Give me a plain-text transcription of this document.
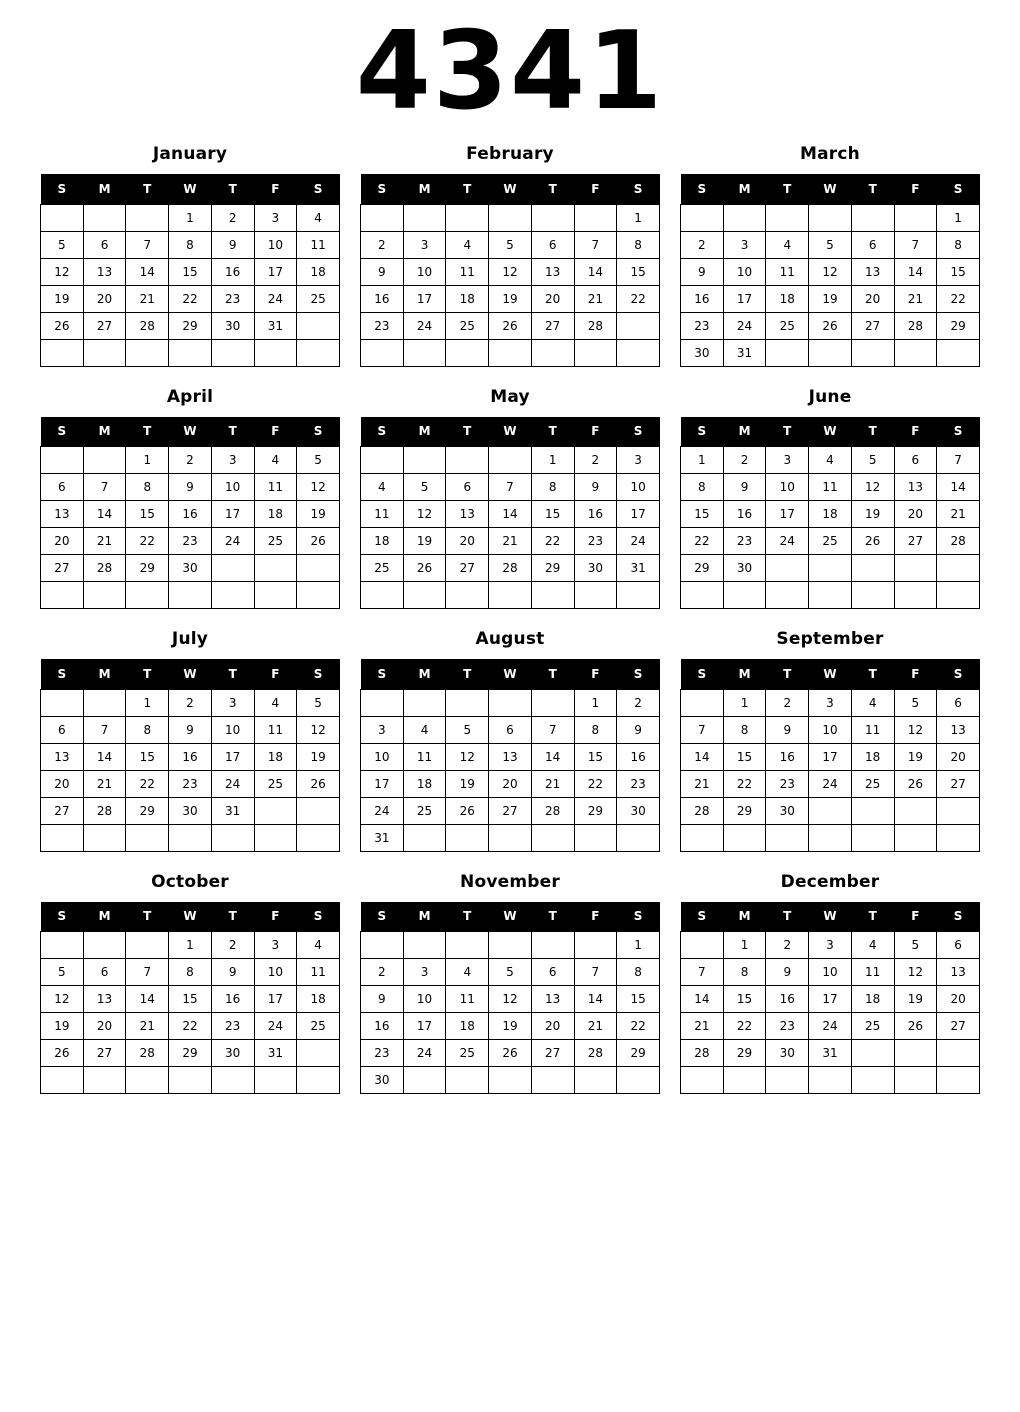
4341
January
S	M	T	W	T	F	S
			1	2	3	4
5	6	7	8	9	10	11
12	13	14	15	16	17	18
19	20	21	22	23	24	25
26	27	28	29	30	31	

February
S	M	T	W	T	F	S
						1
2	3	4	5	6	7	8
9	10	11	12	13	14	15
16	17	18	19	20	21	22
23	24	25	26	27	28	

March
S	M	T	W	T	F	S
						1
2	3	4	5	6	7	8
9	10	11	12	13	14	15
16	17	18	19	20	21	22
23	24	25	26	27	28	29
30	31					
April
S	M	T	W	T	F	S
		1	2	3	4	5
6	7	8	9	10	11	12
13	14	15	16	17	18	19
20	21	22	23	24	25	26
27	28	29	30			

May
S	M	T	W	T	F	S
				1	2	3
4	5	6	7	8	9	10
11	12	13	14	15	16	17
18	19	20	21	22	23	24
25	26	27	28	29	30	31

June
S	M	T	W	T	F	S
1	2	3	4	5	6	7
8	9	10	11	12	13	14
15	16	17	18	19	20	21
22	23	24	25	26	27	28
29	30					

July
S	M	T	W	T	F	S
		1	2	3	4	5
6	7	8	9	10	11	12
13	14	15	16	17	18	19
20	21	22	23	24	25	26
27	28	29	30	31		

August
S	M	T	W	T	F	S
					1	2
3	4	5	6	7	8	9
10	11	12	13	14	15	16
17	18	19	20	21	22	23
24	25	26	27	28	29	30
31						
September
S	M	T	W	T	F	S
	1	2	3	4	5	6
7	8	9	10	11	12	13
14	15	16	17	18	19	20
21	22	23	24	25	26	27
28	29	30				

October
S	M	T	W	T	F	S
			1	2	3	4
5	6	7	8	9	10	11
12	13	14	15	16	17	18
19	20	21	22	23	24	25
26	27	28	29	30	31	

November
S	M	T	W	T	F	S
						1
2	3	4	5	6	7	8
9	10	11	12	13	14	15
16	17	18	19	20	21	22
23	24	25	26	27	28	29
30						
December
S	M	T	W	T	F	S
	1	2	3	4	5	6
7	8	9	10	11	12	13
14	15	16	17	18	19	20
21	22	23	24	25	26	27
28	29	30	31			
